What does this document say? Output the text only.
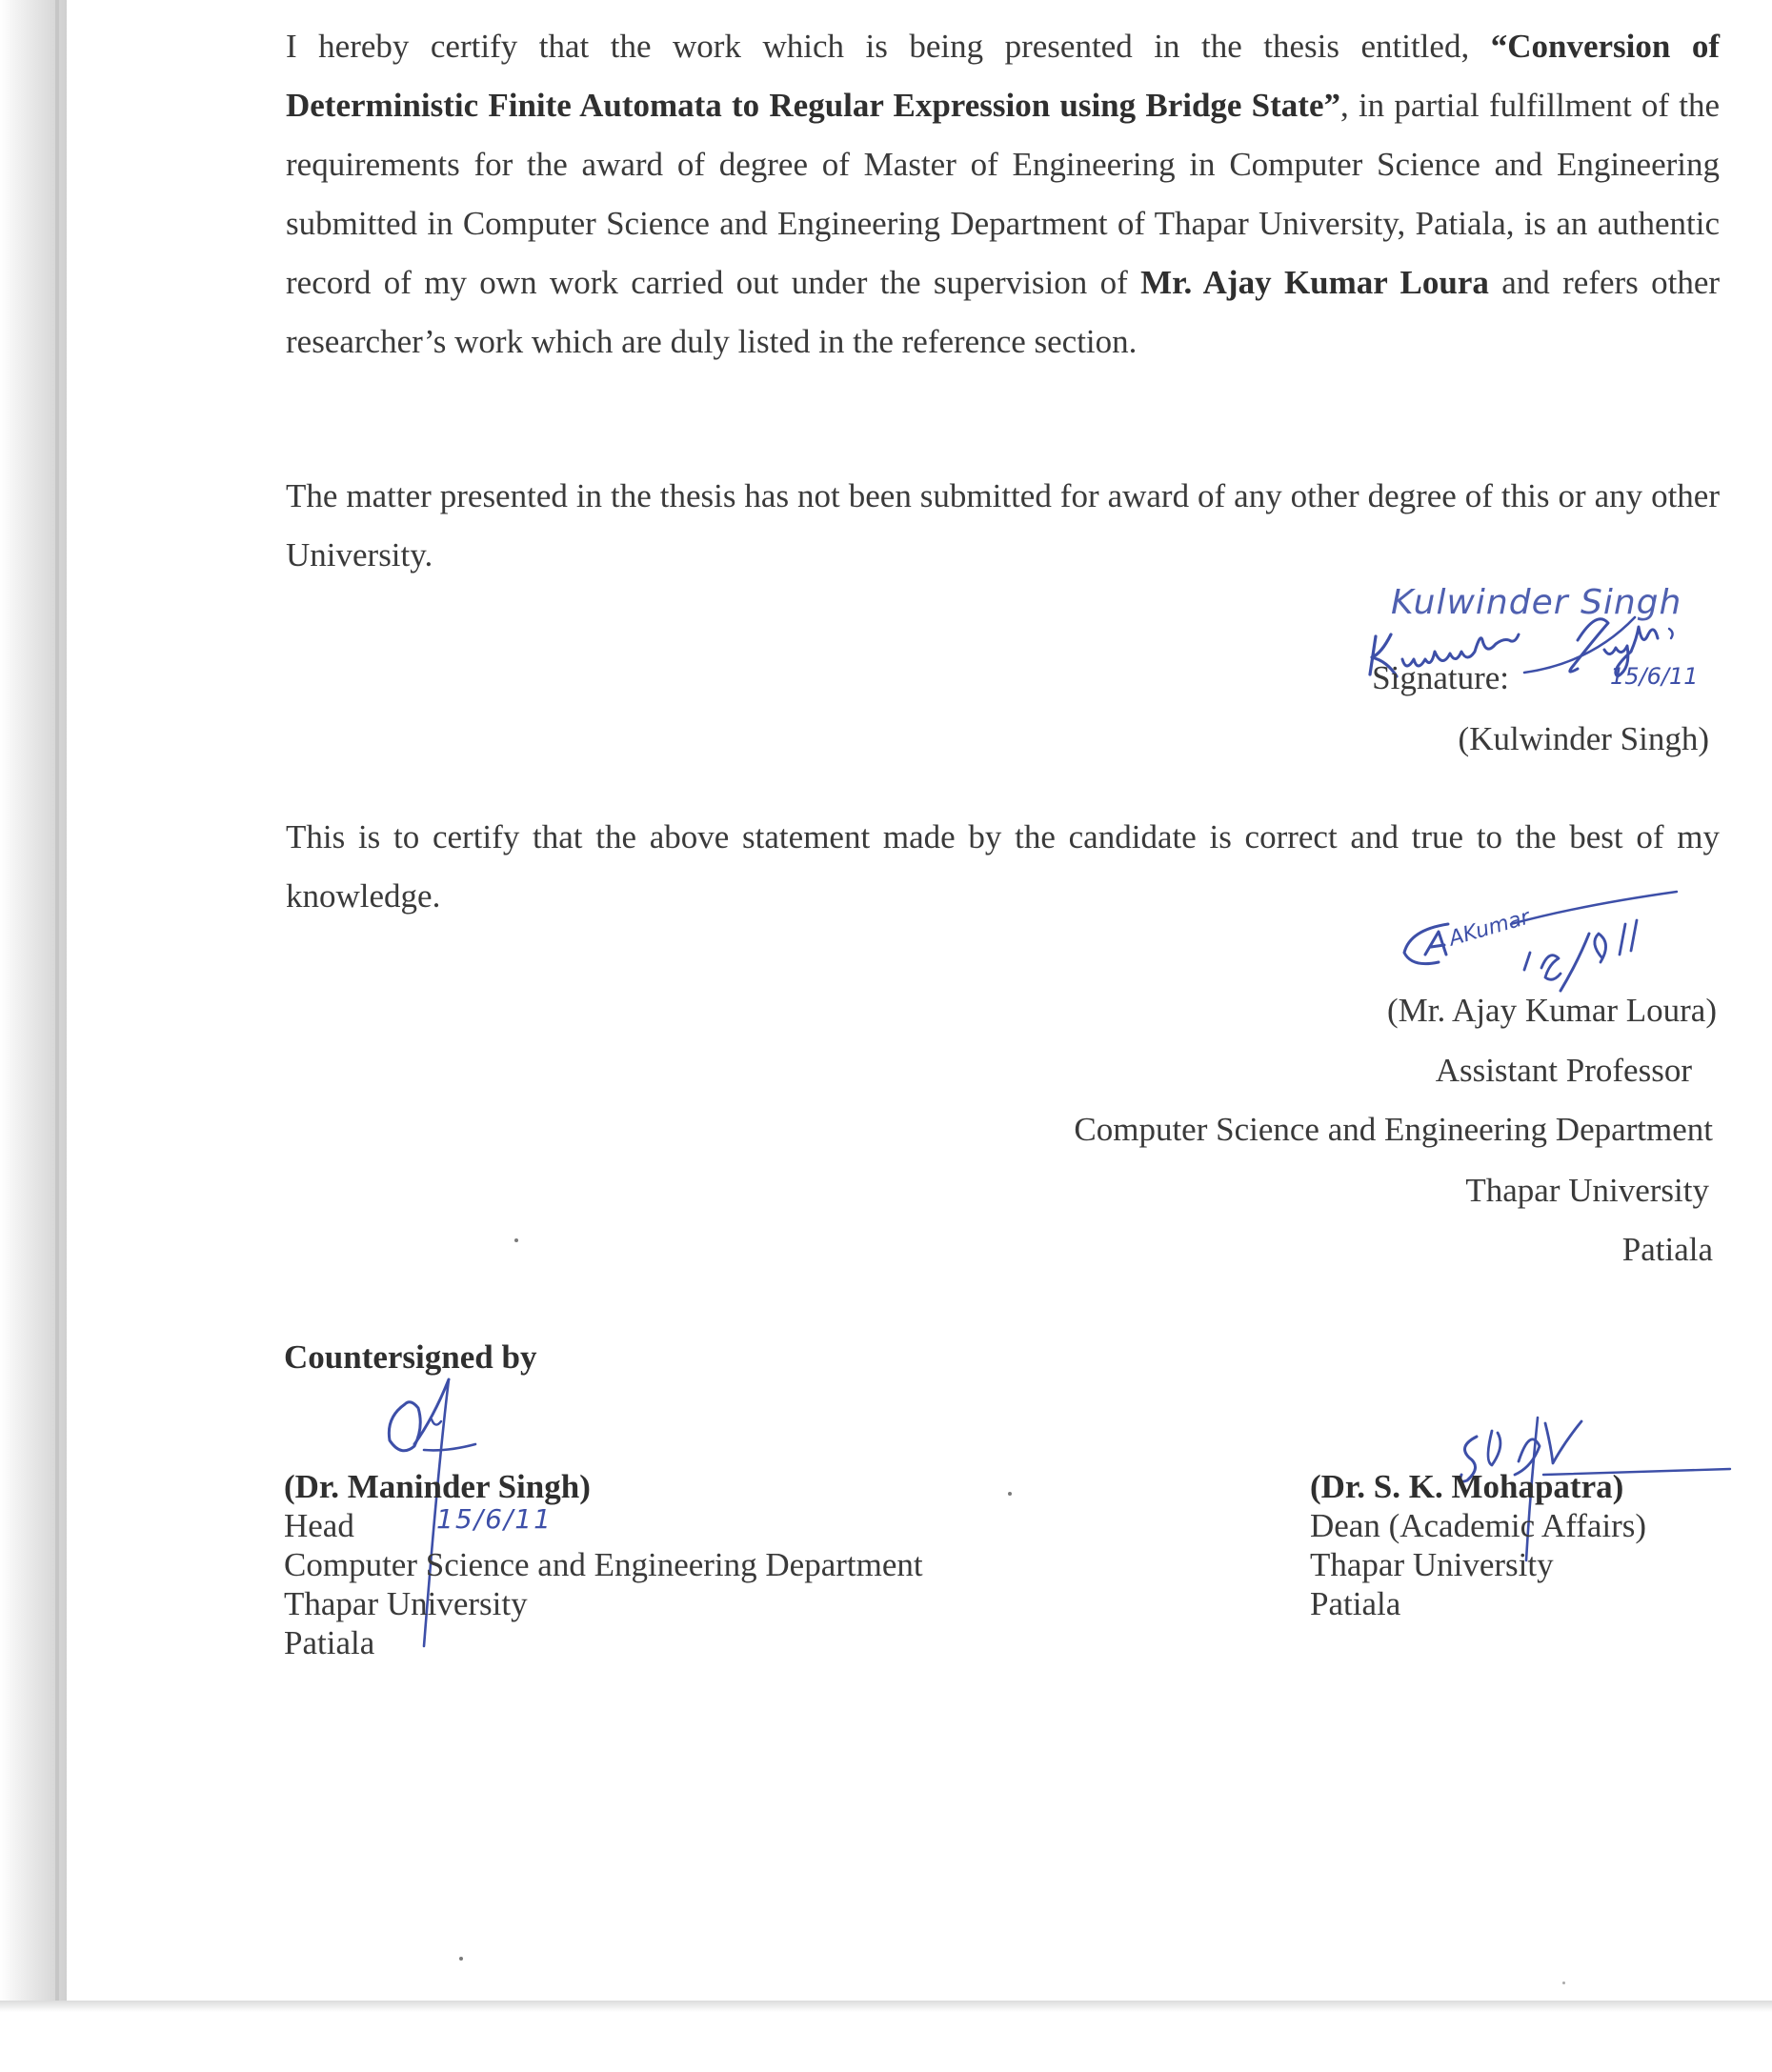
I hereby certify that the work which is being presented in the thesis entitled, “Conversion of Deterministic Finite Automata to Regular Expression using Bridge State”, in partial fulfillment of the requirements for the award of degree of Master of Engineering in Computer Science and Engineering submitted in Computer Science and Engineering Department of Thapar University, Patiala, is an authentic record of my own work carried out under the supervision of Mr. Ajay Kumar Loura and refers other researcher’s work which are duly listed in the reference section.

The matter presented in the thesis has not been submitted for award of any other degree of this or any other University.

15/6/11
Kulwinder Singh

Signature:

(Kulwinder Singh)

This is to certify that the above statement made by the candidate is correct and true to the best of my knowledge.

AKumar

(Mr. Ajay Kumar Loura)

Assistant Professor

Computer Science and Engineering Department

Thapar University

Patiala

Countersigned by

(Dr. Maninder Singh)

Head	15/6/11

Computer Science and Engineering Department

Thapar University

Patiala

(Dr. S. K. Mohapatra)

Dean (Academic Affairs)

Thapar University

Patiala
